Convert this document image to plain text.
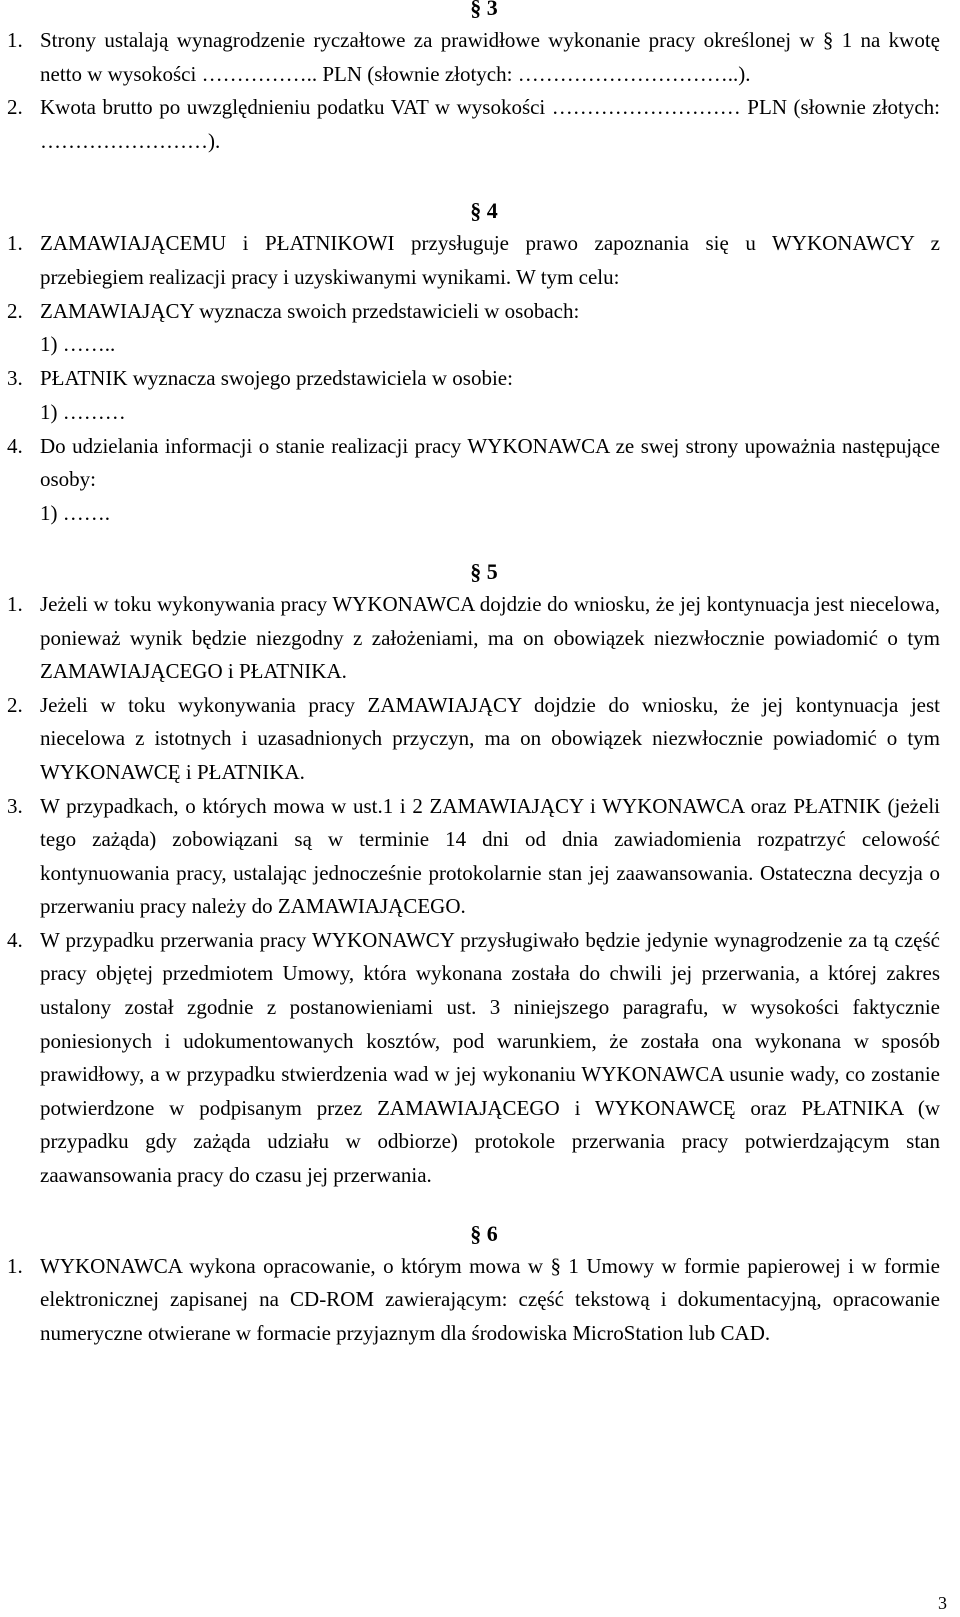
§ 3
1. Strony ustalają wynagrodzenie ryczałtowe za prawidłowe wykonanie pracy określonej w § 1 na kwotę netto w wysokości …………….. PLN (słownie złotych: …………………………..).
2. Kwota brutto po uwzględnieniu podatku VAT w wysokości ……………………… PLN (słownie złotych: ……………………).
§ 4
1. ZAMAWIAJĄCEMU i PŁATNIKOWI przysługuje prawo zapoznania się u WYKONAWCY z przebiegiem realizacji pracy i uzyskiwanymi wynikami. W tym celu:
2. ZAMAWIAJĄCY wyznacza swoich przedstawicieli w osobach:
1) ……..
3. PŁATNIK wyznacza swojego przedstawiciela w osobie:
1) ………
4. Do udzielania informacji o stanie realizacji pracy WYKONAWCA ze swej strony upoważnia następujące osoby:
1) …….
§ 5
1. Jeżeli w toku wykonywania pracy WYKONAWCA dojdzie do wniosku, że jej kontynuacja jest niecelowa, ponieważ wynik będzie niezgodny z założeniami, ma on obowiązek niezwłocznie powiadomić o tym ZAMAWIAJĄCEGO i PŁATNIKA.
2. Jeżeli w toku wykonywania pracy ZAMAWIAJĄCY dojdzie do wniosku, że jej kontynuacja jest niecelowa z istotnych i uzasadnionych przyczyn, ma on obowiązek niezwłocznie powiadomić o tym WYKONAWCĘ i PŁATNIKA.
3. W przypadkach, o których mowa w ust.1 i 2 ZAMAWIAJĄCY i WYKONAWCA oraz PŁATNIK (jeżeli tego zażąda) zobowiązani są w terminie 14 dni od dnia zawiadomienia rozpatrzyć celowość kontynuowania pracy, ustalając jednocześnie protokolarnie stan jej zaawansowania. Ostateczna decyzja o przerwaniu pracy należy do ZAMAWIAJĄCEGO.
4. W przypadku przerwania pracy WYKONAWCY przysługiwało będzie jedynie wynagrodzenie za tą część pracy objętej przedmiotem Umowy, która wykonana została do chwili jej przerwania, a której zakres ustalony został zgodnie z postanowieniami ust. 3 niniejszego paragrafu, w wysokości faktycznie poniesionych i udokumentowanych kosztów, pod warunkiem, że została ona wykonana w sposób prawidłowy, a w przypadku stwierdzenia wad w jej wykonaniu WYKONAWCA usunie wady, co zostanie potwierdzone w podpisanym przez ZAMAWIAJĄCEGO i WYKONAWCĘ oraz PŁATNIKA (w przypadku gdy zażąda udziału w odbiorze) protokole przerwania pracy potwierdzającym stan zaawansowania pracy do czasu jej przerwania.
§ 6
1. WYKONAWCA wykona opracowanie, o którym mowa w § 1 Umowy w formie papierowej i w formie elektronicznej zapisanej na CD-ROM zawierającym: część tekstową i dokumentacyjną, opracowanie numeryczne otwierane w formacie przyjaznym dla środowiska MicroStation lub CAD.
3
